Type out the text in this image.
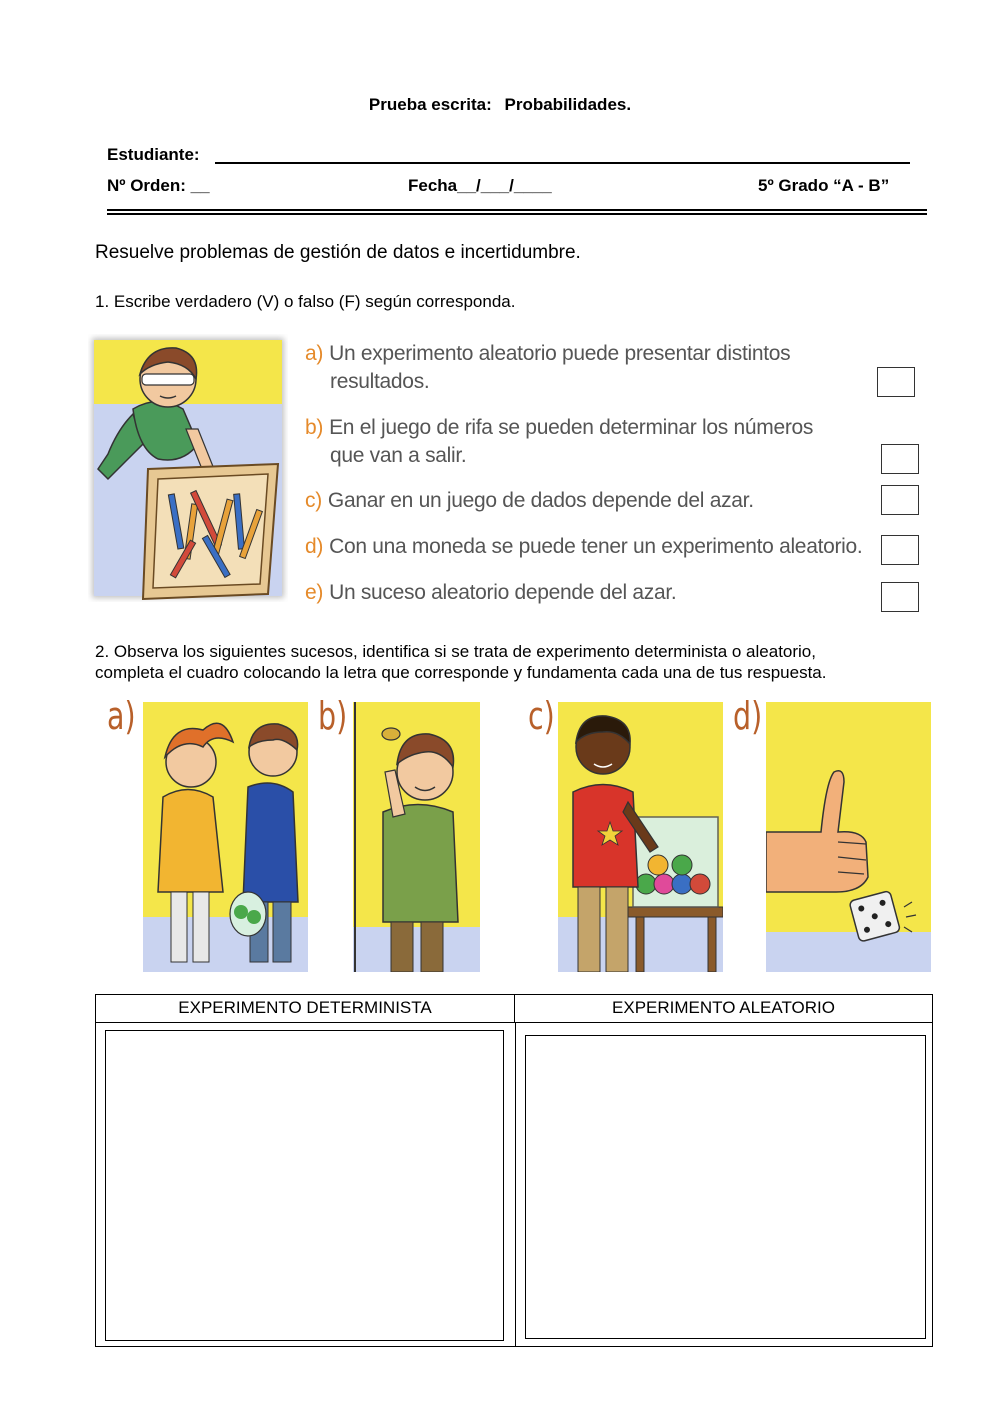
Prueba escrita: Probabilidades.
Estudiante:
Nº Orden: __	Fecha__/___/____	5º Grado “A - B”
Resuelve problemas de gestión de datos e incertidumbre.
1. Escribe verdadero (V) o falso (F) según corresponda.
a) Un experimento aleatorio puede presentar distintos
resultados.
b) En el juego de rifa se pueden determinar los números
que van a salir.
c) Ganar en un juego de dados depende del azar.
d) Con una moneda se puede tener un experimento aleatorio.
e) Un suceso aleatorio depende del azar.
2. Observa los siguientes sucesos, identifica si se trata de experimento determinista o aleatorio,
completa el cuadro colocando la letra que corresponde y fundamenta cada una de tus respuesta.
a)	b)	c)	d)
EXPERIMENTO DETERMINISTA	EXPERIMENTO ALEATORIO
